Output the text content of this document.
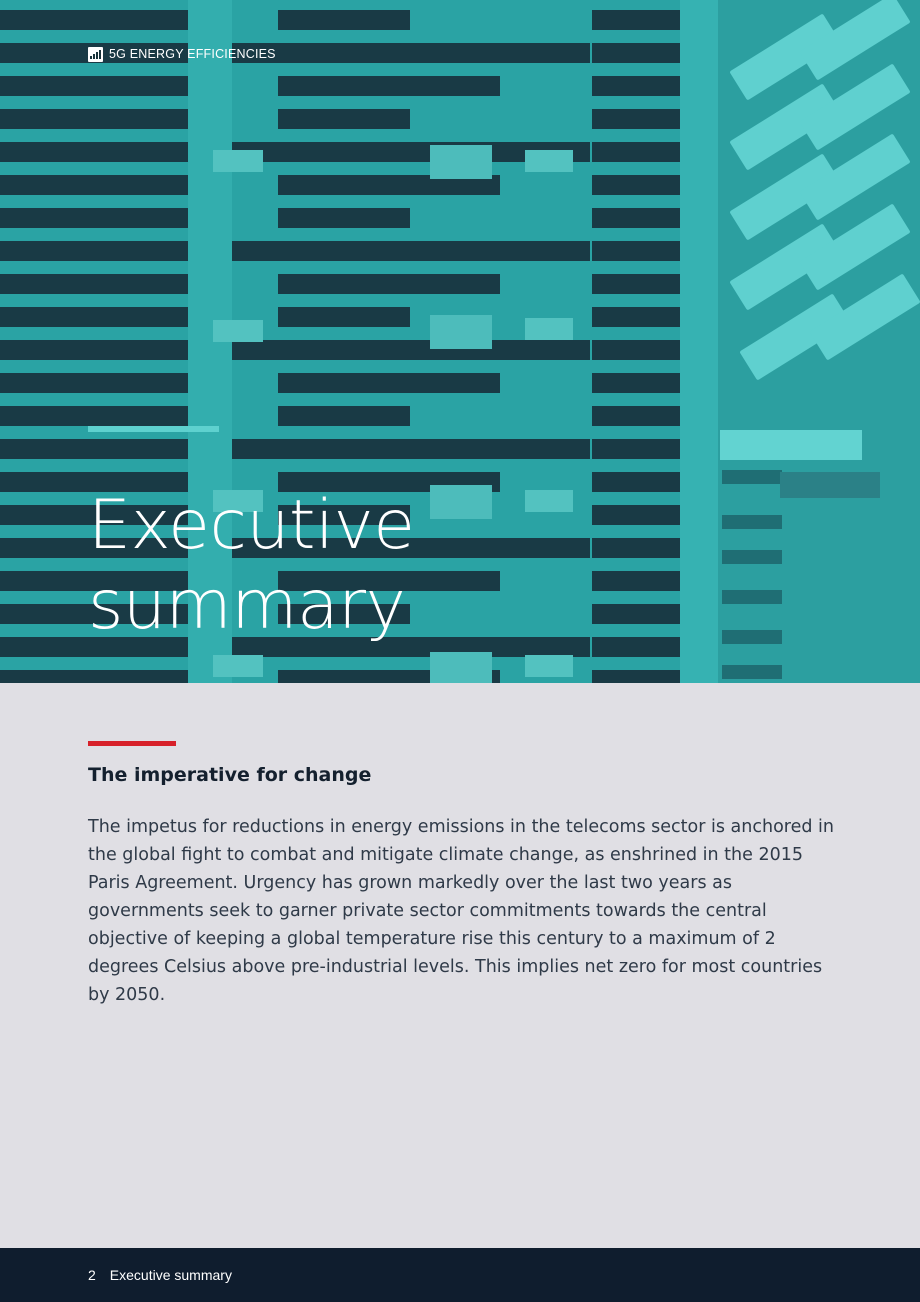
5G ENERGY EFFICIENCIES
Executive
summary
The imperative for change

The impetus for reductions in energy emissions in the telecoms sector is anchored in the global fight to combat and mitigate climate change, as enshrined in the 2015 Paris Agreement. Urgency has grown markedly over the last two years as governments seek to garner private sector commitments towards the central objective of keeping a global temperature rise this century to a maximum of 2 degrees Celsius above pre-industrial levels. This implies net zero for most countries by 2050.

2 Executive summary
